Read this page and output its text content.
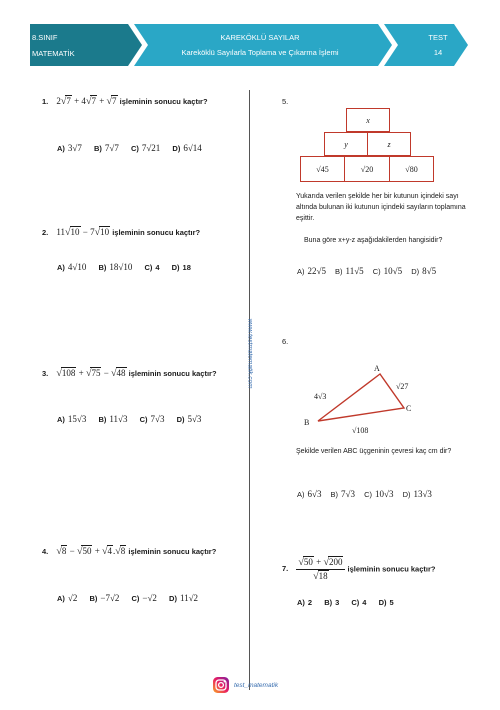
8.SINIF
MATEMATİK
KAREKÖKLÜ SAYILAR
Kareköklü Sayılarla Toplama ve Çıkarma İşlemi
TEST
14
www.testmatematik.com
1. 2√7 + 4√7 + √7 işleminin sonucu kaçtır?
A) 3√7 B) 7√7 C) 7√21 D) 6√14
2. 11√10 − 7√10 işleminin sonucu kaçtır?
A) 4√10 B) 18√10 C) 4 D) 18
3. √108 + √75 − √48 işleminin sonucu kaçtır?
A) 15√3 B) 11√3 C) 7√3 D) 5√3
4. √8 − √50 + √4.√8 işleminin sonucu kaçtır?
A) √2 B) −7√2 C) −√2 D) 11√2
5.
x
y	z
√45	√20	√80
Yukarıda verilen şekilde her bir kutunun içindeki sayı altında bulunan iki kutunun içindeki sayıların toplamına eşittir.
Buna göre x+y-z aşağıdakilerden hangisidir?
A) 22√5 B) 11√5 C) 10√5 D) 8√5
6.
A
B
C
4√3
√27
√108
Şekilde verilen ABC üçgeninin çevresi kaç cm dir?
A) 6√3 B) 7√3 C) 10√3 D) 13√3
7. $\frac{√50 + √200}{√18}$ işleminin sonucu kaçtır?
A) 2 B) 3 C) 4 D) 5
test_matematik
